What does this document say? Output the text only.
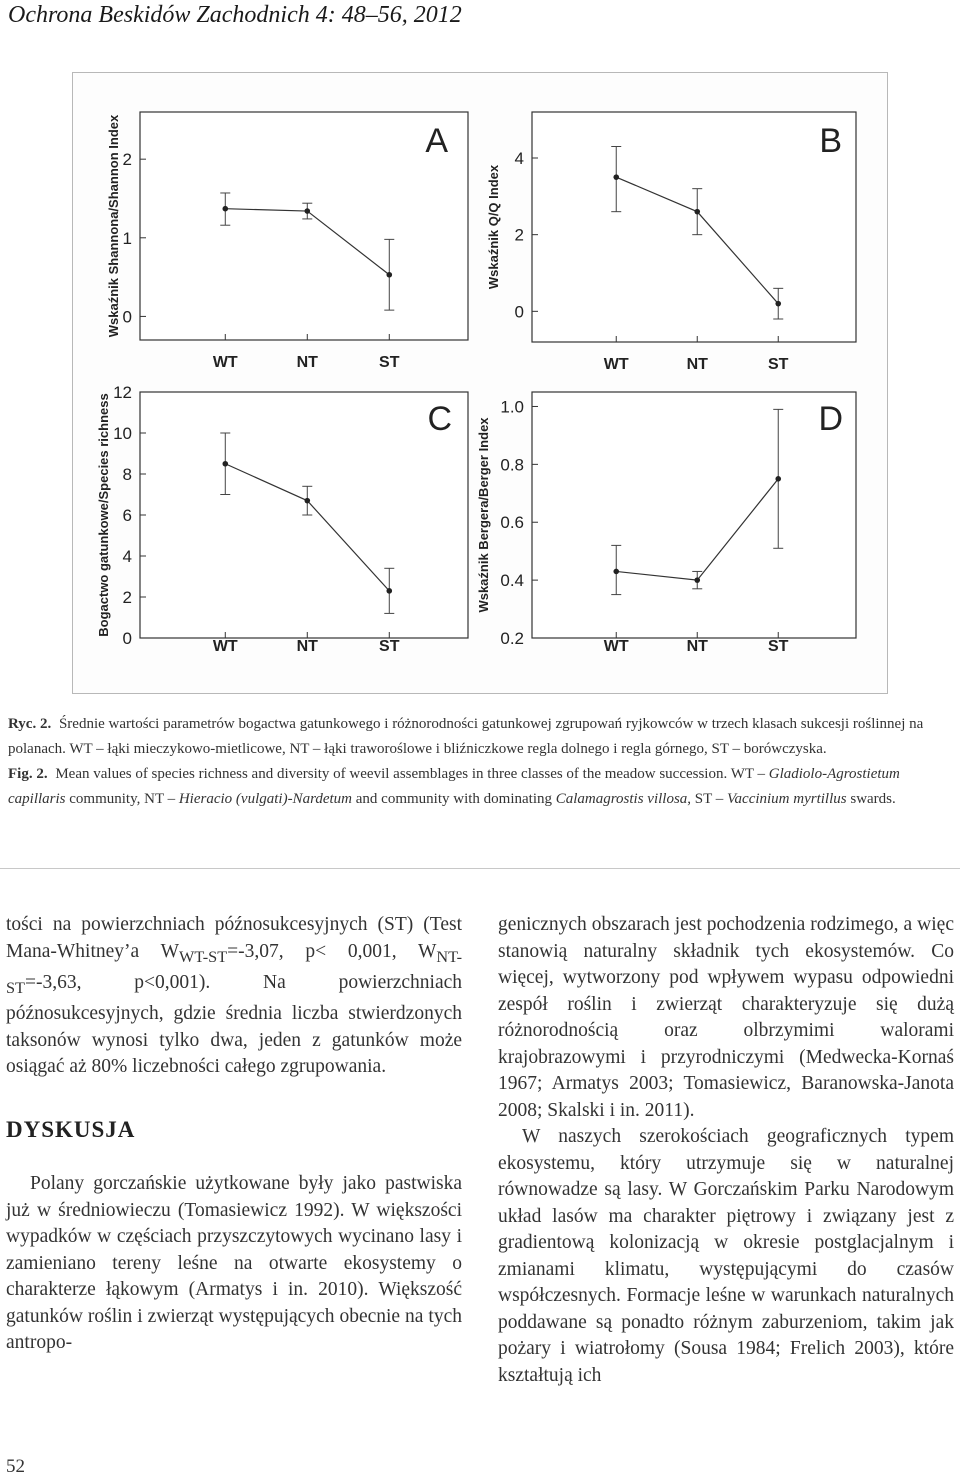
Ochrona Beskidów Zachodnich 4: 48–56, 2012
0
1
2
WT	NT	ST
Wskaźnik Shannona/Shannon Index	A
0
2
4
WT	NT	ST
Wskaźnik Q/Q Index
B
0
2
4
6
8
10
12
WT	NT	ST
Bogactwo gatunkowe/Species richness	C
0.2
0.4
0.6
0.8
1.0
WT	NT	ST
Wskaźnik Bergera/Berger Index	D

Ryc. 2. Średnie wartości parametrów bogactwa gatunkowego i różnorodności gatunkowej zgrupowań ryjkowców w trzech klasach sukcesji roślinnej na polanach. WT – łąki mieczykowo-mietlicowe, NT – łąki traworoślowe i bliźniczkowe regla dolnego i regla górnego, ST – borówczyska.

Fig. 2. Mean values of species richness and diversity of weevil assemblages in three classes of the meadow succession. WT – Gladiolo-Agrostietum capillaris community, NT – Hieracio (vulgati)-Nardetum and community with dominating Calamagrostis villosa, ST – Vaccinium myrtillus swards.

tości na powierzchniach późnosukcesyjnych (ST) (Test Mana-Whitney’a $W_{WT-ST}=-3,07$, p< 0,001, $W_{NT-ST}=-3,63$, p<0,001). Na powierzchniach późnosukcesyjnych, gdzie średnia liczba stwierdzonych taksonów wynosi tylko dwa, jeden z gatunków może osiągać aż 80% liczebności całego zgrupowania.

DYSKUSJA

Polany gorczańskie użytkowane były jako pastwiska już w średniowieczu (Tomasiewicz 1992). W większości wypadków w częściach przyszczytowych wycinano lasy i zamieniano tereny leśne na otwarte ekosystemy o charakterze łąkowym (Armatys i in. 2010). Większość gatunków roślin i zwierząt występujących obecnie na tych antropo-

genicznych obszarach jest pochodzenia rodzimego, a więc stanowią naturalny składnik tych ekosystemów. Co więcej, wytworzony pod wpływem wypasu odpowiedni zespół roślin i zwierząt charakteryzuje się dużą różnorodnością oraz olbrzymimi walorami krajobrazowymi i przyrodniczymi (Medwecka-Kornaś 1967; Armatys 2003; Tomasiewicz, Baranowska-Janota 2008; Skalski i in. 2011).

W naszych szerokościach geograficznych typem ekosystemu, który utrzymuje się w naturalnej równowadze są lasy. W Gorczańskim Parku Narodowym układ lasów ma charakter piętrowy i związany jest z gradientową kolonizacją w okresie postglacjalnym i zmianami klimatu, występującymi do czasów współczesnych. Formacje leśne w warunkach naturalnych poddawane są ponadto różnym zaburzeniom, takim jak pożary i wiatrołomy (Sousa 1984; Frelich 2003), które kształtują ich

52
